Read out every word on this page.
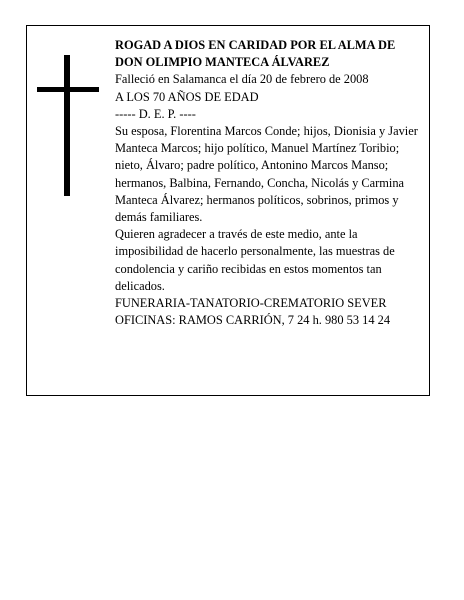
ROGAD A DIOS EN CARIDAD POR EL ALMA DE

DON OLIMPIO MANTECA ÁLVAREZ

Falleció en Salamanca el día 20 de febrero de 2008

A LOS 70 AÑOS DE EDAD

----- D. E. P. ----

Su esposa, Florentina Marcos Conde; hijos, Dionisia y Javier Manteca Marcos; hijo político, Manuel Martínez Toribio; nieto, Álvaro; padre político, Antonino Marcos Manso; hermanos, Balbina, Fernando, Concha, Nicolás y Carmina Manteca Álvarez; hermanos políticos, sobrinos, primos y demás familiares.

Quieren agradecer a través de este medio, ante la imposibilidad de hacerlo personalmente, las muestras de condolencia y cariño recibidas en estos momentos tan delicados.

FUNERARIA-TANATORIO-CREMATORIO SEVER

OFICINAS: RAMOS CARRIÓN, 7 24 h. 980 53 14 24
